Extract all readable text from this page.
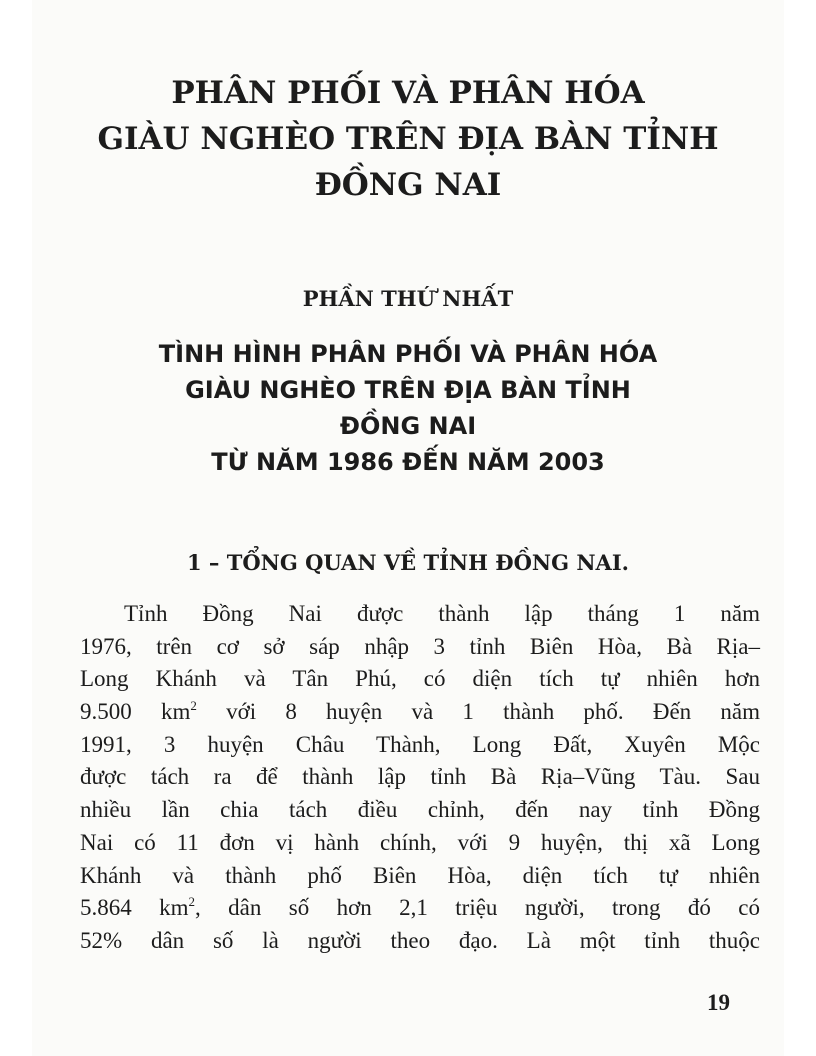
PHÂN PHỐI VÀ PHÂN HÓA
GIÀU NGHÈO TRÊN ĐỊA BÀN TỈNH
ĐỒNG NAI
PHẦN THỨ NHẤT
TÌNH HÌNH PHÂN PHỐI VÀ PHÂN HÓA
GIÀU NGHÈO TRÊN ĐỊA BÀN TỈNH
ĐỒNG NAI
TỪ NĂM 1986 ĐẾN NĂM 2003
1 – TỔNG QUAN VỀ TỈNH ĐỒNG NAI.
Tỉnh Đồng Nai được thành lập tháng 1 năm
1976, trên cơ sở sáp nhập 3 tỉnh Biên Hòa, Bà Rịa–
Long Khánh và Tân Phú, có diện tích tự nhiên hơn
9.500 $km^2$ với 8 huyện và 1 thành phố. Đến năm
1991, 3 huyện Châu Thành, Long Đất, Xuyên Mộc
được tách ra để thành lập tỉnh Bà Rịa–Vũng Tàu. Sau
nhiều lần chia tách điều chỉnh, đến nay tỉnh Đồng
Nai có 11 đơn vị hành chính, với 9 huyện, thị xã Long
Khánh và thành phố Biên Hòa, diện tích tự nhiên
5.864 $km^2$, dân số hơn 2,1 triệu người, trong đó có
52% dân số là người theo đạo. Là một tỉnh thuộc
19
